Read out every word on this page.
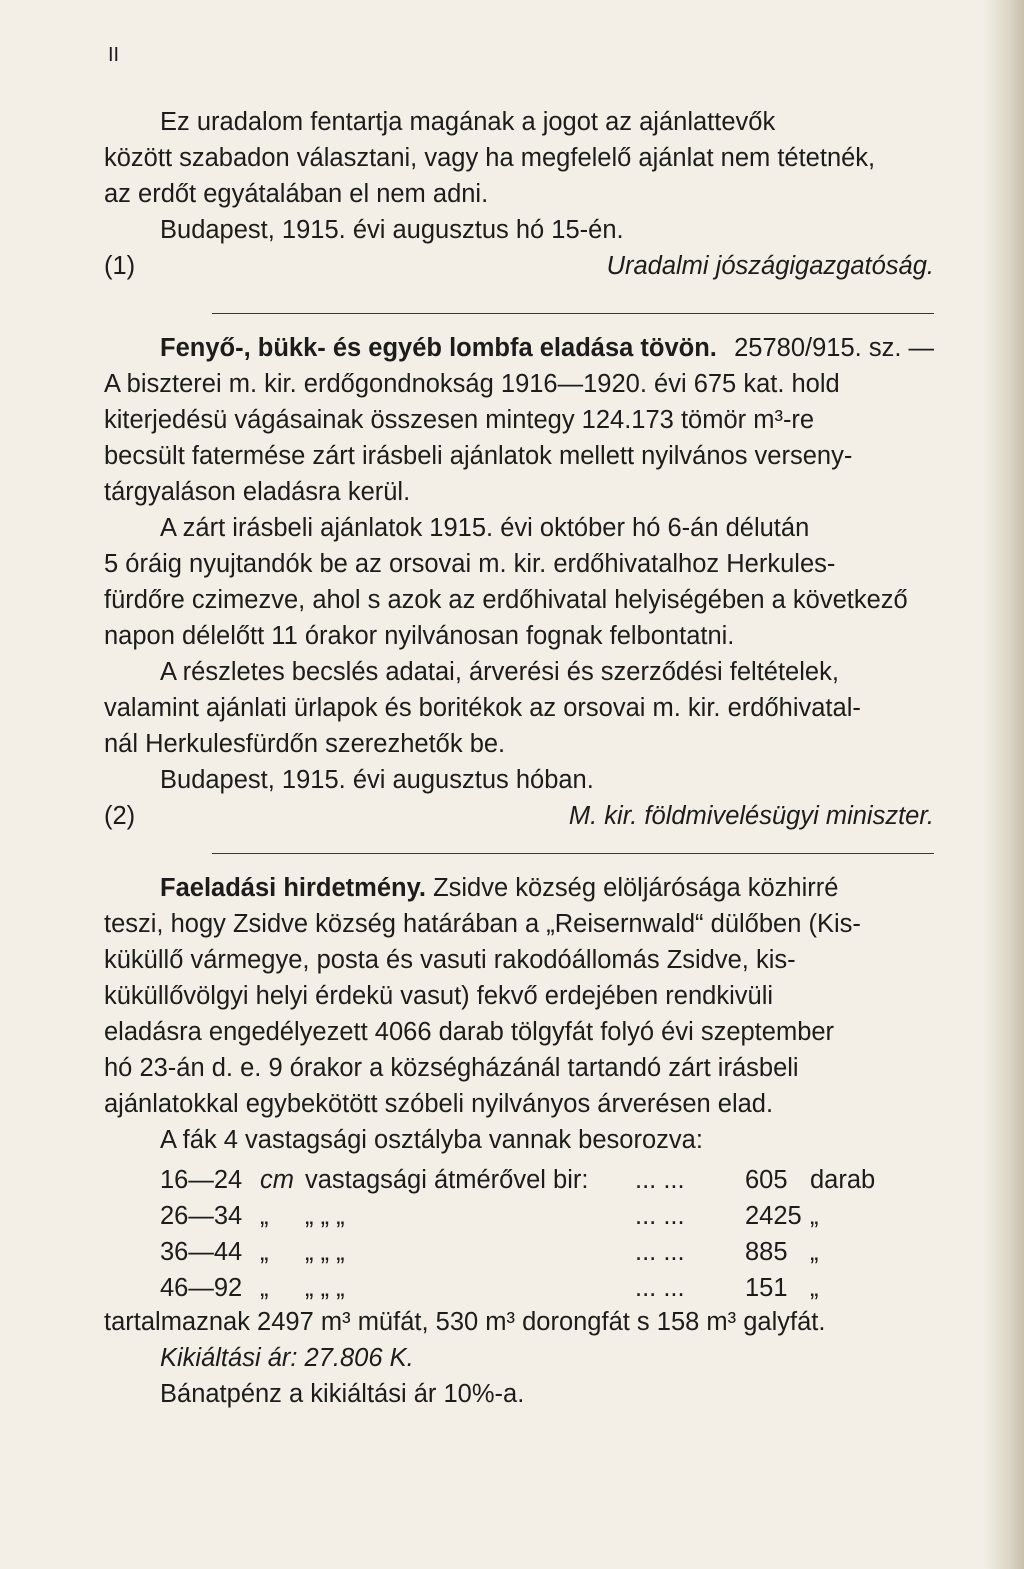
II
Ez uradalom fentartja magának a jogot az ajánlattevők
között szabadon választani, vagy ha megfelelő ajánlat nem tétetnék,
az erdőt egyátalában el nem adni.
Budapest, 1915. évi augusztus hó 15-én.
(1)	Uradalmi jószágigazgatóság.
Fenyő-, bükk- és egyéb lombfa eladása tövön. 25780/915. sz. —
A biszterei m. kir. erdőgondnokság 1916—1920. évi 675 kat. hold
kiterjedésü vágásainak összesen mintegy 124.173 tömör m³-re
becsült fatermése zárt irásbeli ajánlatok mellett nyilvános verseny-
tárgyaláson eladásra kerül.
A zárt irásbeli ajánlatok 1915. évi október hó 6-án délután
5 óráig nyujtandók be az orsovai m. kir. erdőhivatalhoz Herkules-
fürdőre czimezve, ahol s azok az erdőhivatal helyiségében a következő
napon délelőtt 11 órakor nyilvánosan fognak felbontatni.
A részletes becslés adatai, árverési és szerződési feltételek,
valamint ajánlati ürlapok és boritékok az orsovai m. kir. erdőhivatal-
nál Herkulesfürdőn szerezhetők be.
Budapest, 1915. évi augusztus hóban.
(2)	M. kir. földmivelésügyi miniszter.
Faeladási hirdetmény. Zsidve község elöljárósága közhirré
teszi, hogy Zsidve község határában a „Reisernwald“ dülőben (Kis-
küküllő vármegye, posta és vasuti rakodóállomás Zsidve, kis-
küküllővölgyi helyi érdekü vasut) fekvő erdejében rendkivüli
eladásra engedélyezett 4066 darab tölgyfát folyó évi szeptember
hó 23-án d. e. 9 órakor a községházánál tartandó zárt irásbeli
ajánlatokkal egybekötött szóbeli nyilványos árverésen elad.
A fák 4 vastagsági osztályba vannak besorozva:
16—24 cm vastagsági átmérővel bir: ... ... 605 darab
26—34 „ „ „ „	... ... 2425 „
36—44 „ „ „ „	... ... 885 „
46—92 „ „ „ „	... ... 151 „
tartalmaznak 2497 m³ müfát, 530 m³ dorongfát s 158 m³ galyfát.
Kikiáltási ár: 27.806 K.
Bánatpénz a kikiáltási ár 10%-a.
